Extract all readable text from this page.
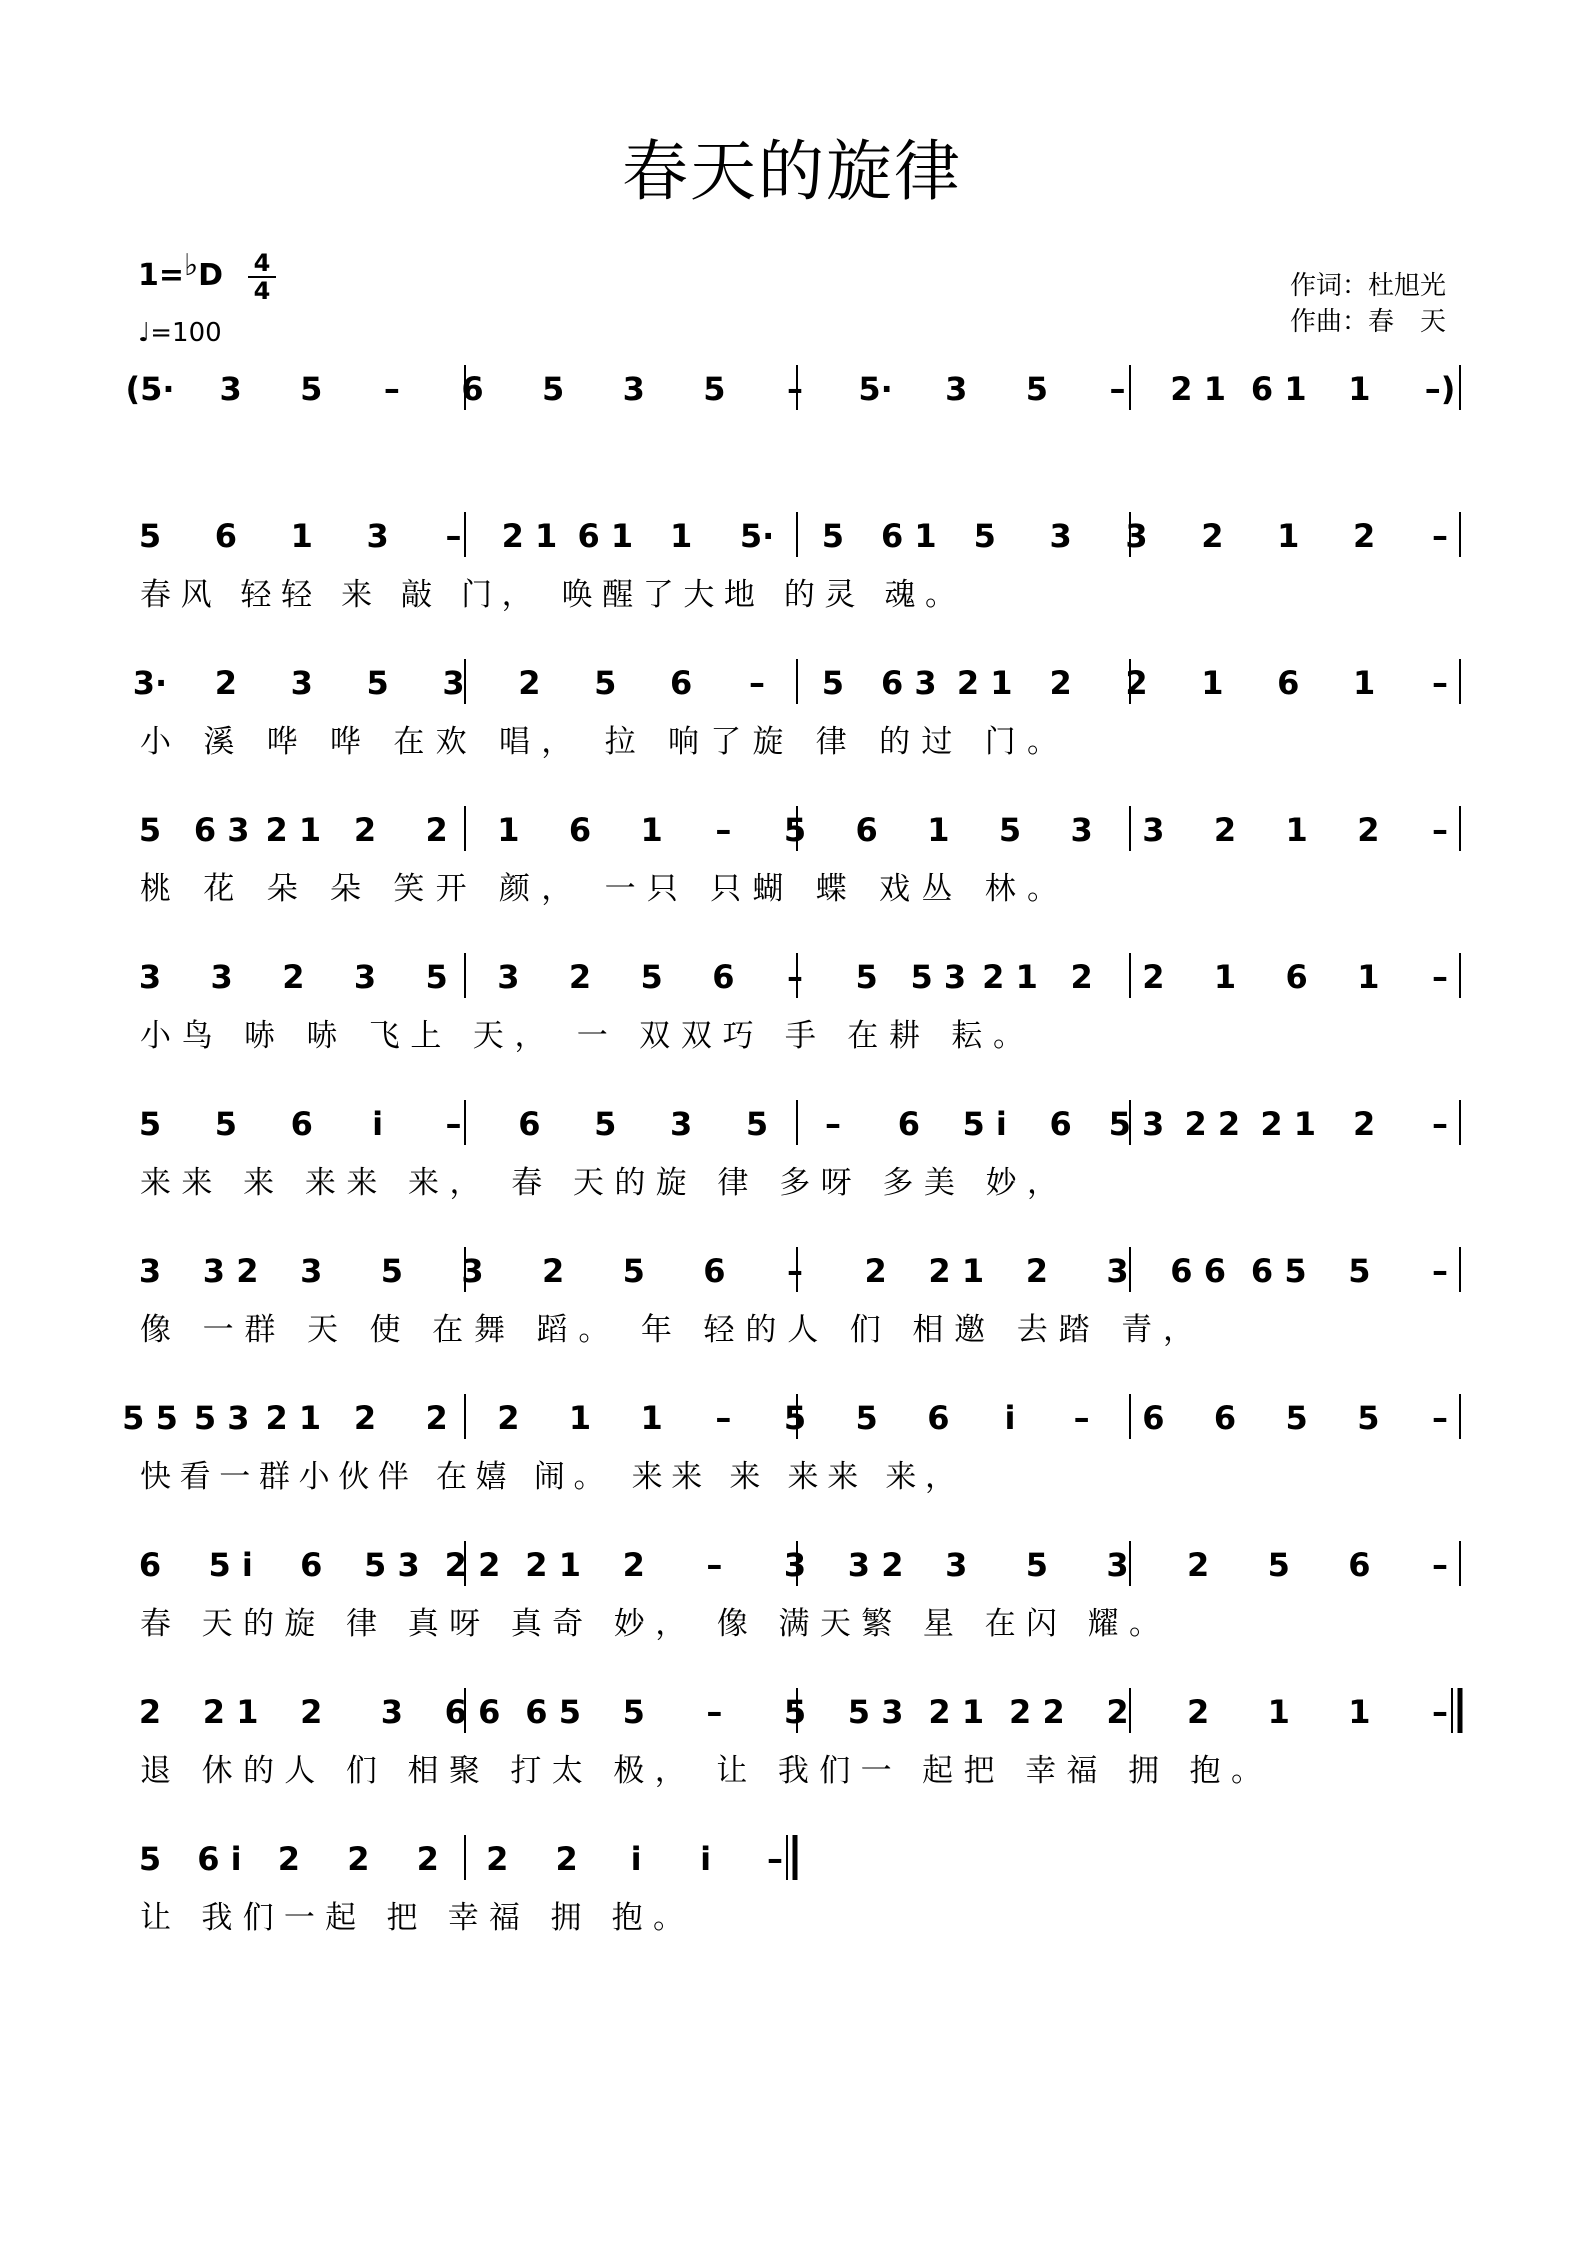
春天的旋律
1=♭D 4
4
♩=100
作词：杜旭光
作曲：春　天
(5· 3 5 – 6 5 3 5 – 5· 3 5 – 2 1 6 1 1 –)
5 6 1 3 – 2 1 6 1 1 5· 5 6 1 5 3 3 2 1 2 –
春风 轻轻 来 敲 门， 唤醒了大地 的灵 魂。
3· 2 3 5 3 2 5 6 – 5 6 3 2 1 2 2 1 6 1 –
小 溪 哗 哗 在欢 唱， 拉 响了旋 律 的过 门。
5 6 3 2 1 2 2 1 6 1 – 5 6 1 5 3 3 2 1 2 –
桃 花 朵 朵 笑开 颜， 一只 只蝴 蝶 戏丛 林。
3 3 2 3 5 3 2 5 6 – 5 5 3 2 1 2 2 1 6 1 –
小鸟 哧 哧 飞上 天， 一 双双巧 手 在耕 耘。
5 5 6 i – 6 5 3 5 – 6 5 i 6 5 3 2 2 2 1 2 –
来来 来 来来 来， 春 天的旋 律 多呀 多美 妙，
3 3 2 3 5 3 2 5 6 – 2 2 1 2 3 6 6 6 5 5 –
像 一群 天 使 在舞 蹈。 年 轻的人 们 相邀 去踏 青，
5 5 5 3 2 1 2 2 2 1 1 – 5 5 6 i – 6 6 5 5 –
快看一群小伙伴 在嬉 闹。 来来 来 来来 来，
6 5 i 6 5 3 2 2 2 1 2 – 3 3 2 3 5 3 2 5 6 –
春 天的旋 律 真呀 真奇 妙， 像 满天繁 星 在闪 耀。
2 2 1 2 3 6 6 6 5 5 – 5 5 3 2 1 2 2 2 2 1 1 –
退 休的人 们 相聚 打太 极， 让 我们一 起把 幸福 拥 抱。
5 6 i 2 2 2 2 2 i i –
让 我们一起 把 幸福 拥 抱。
